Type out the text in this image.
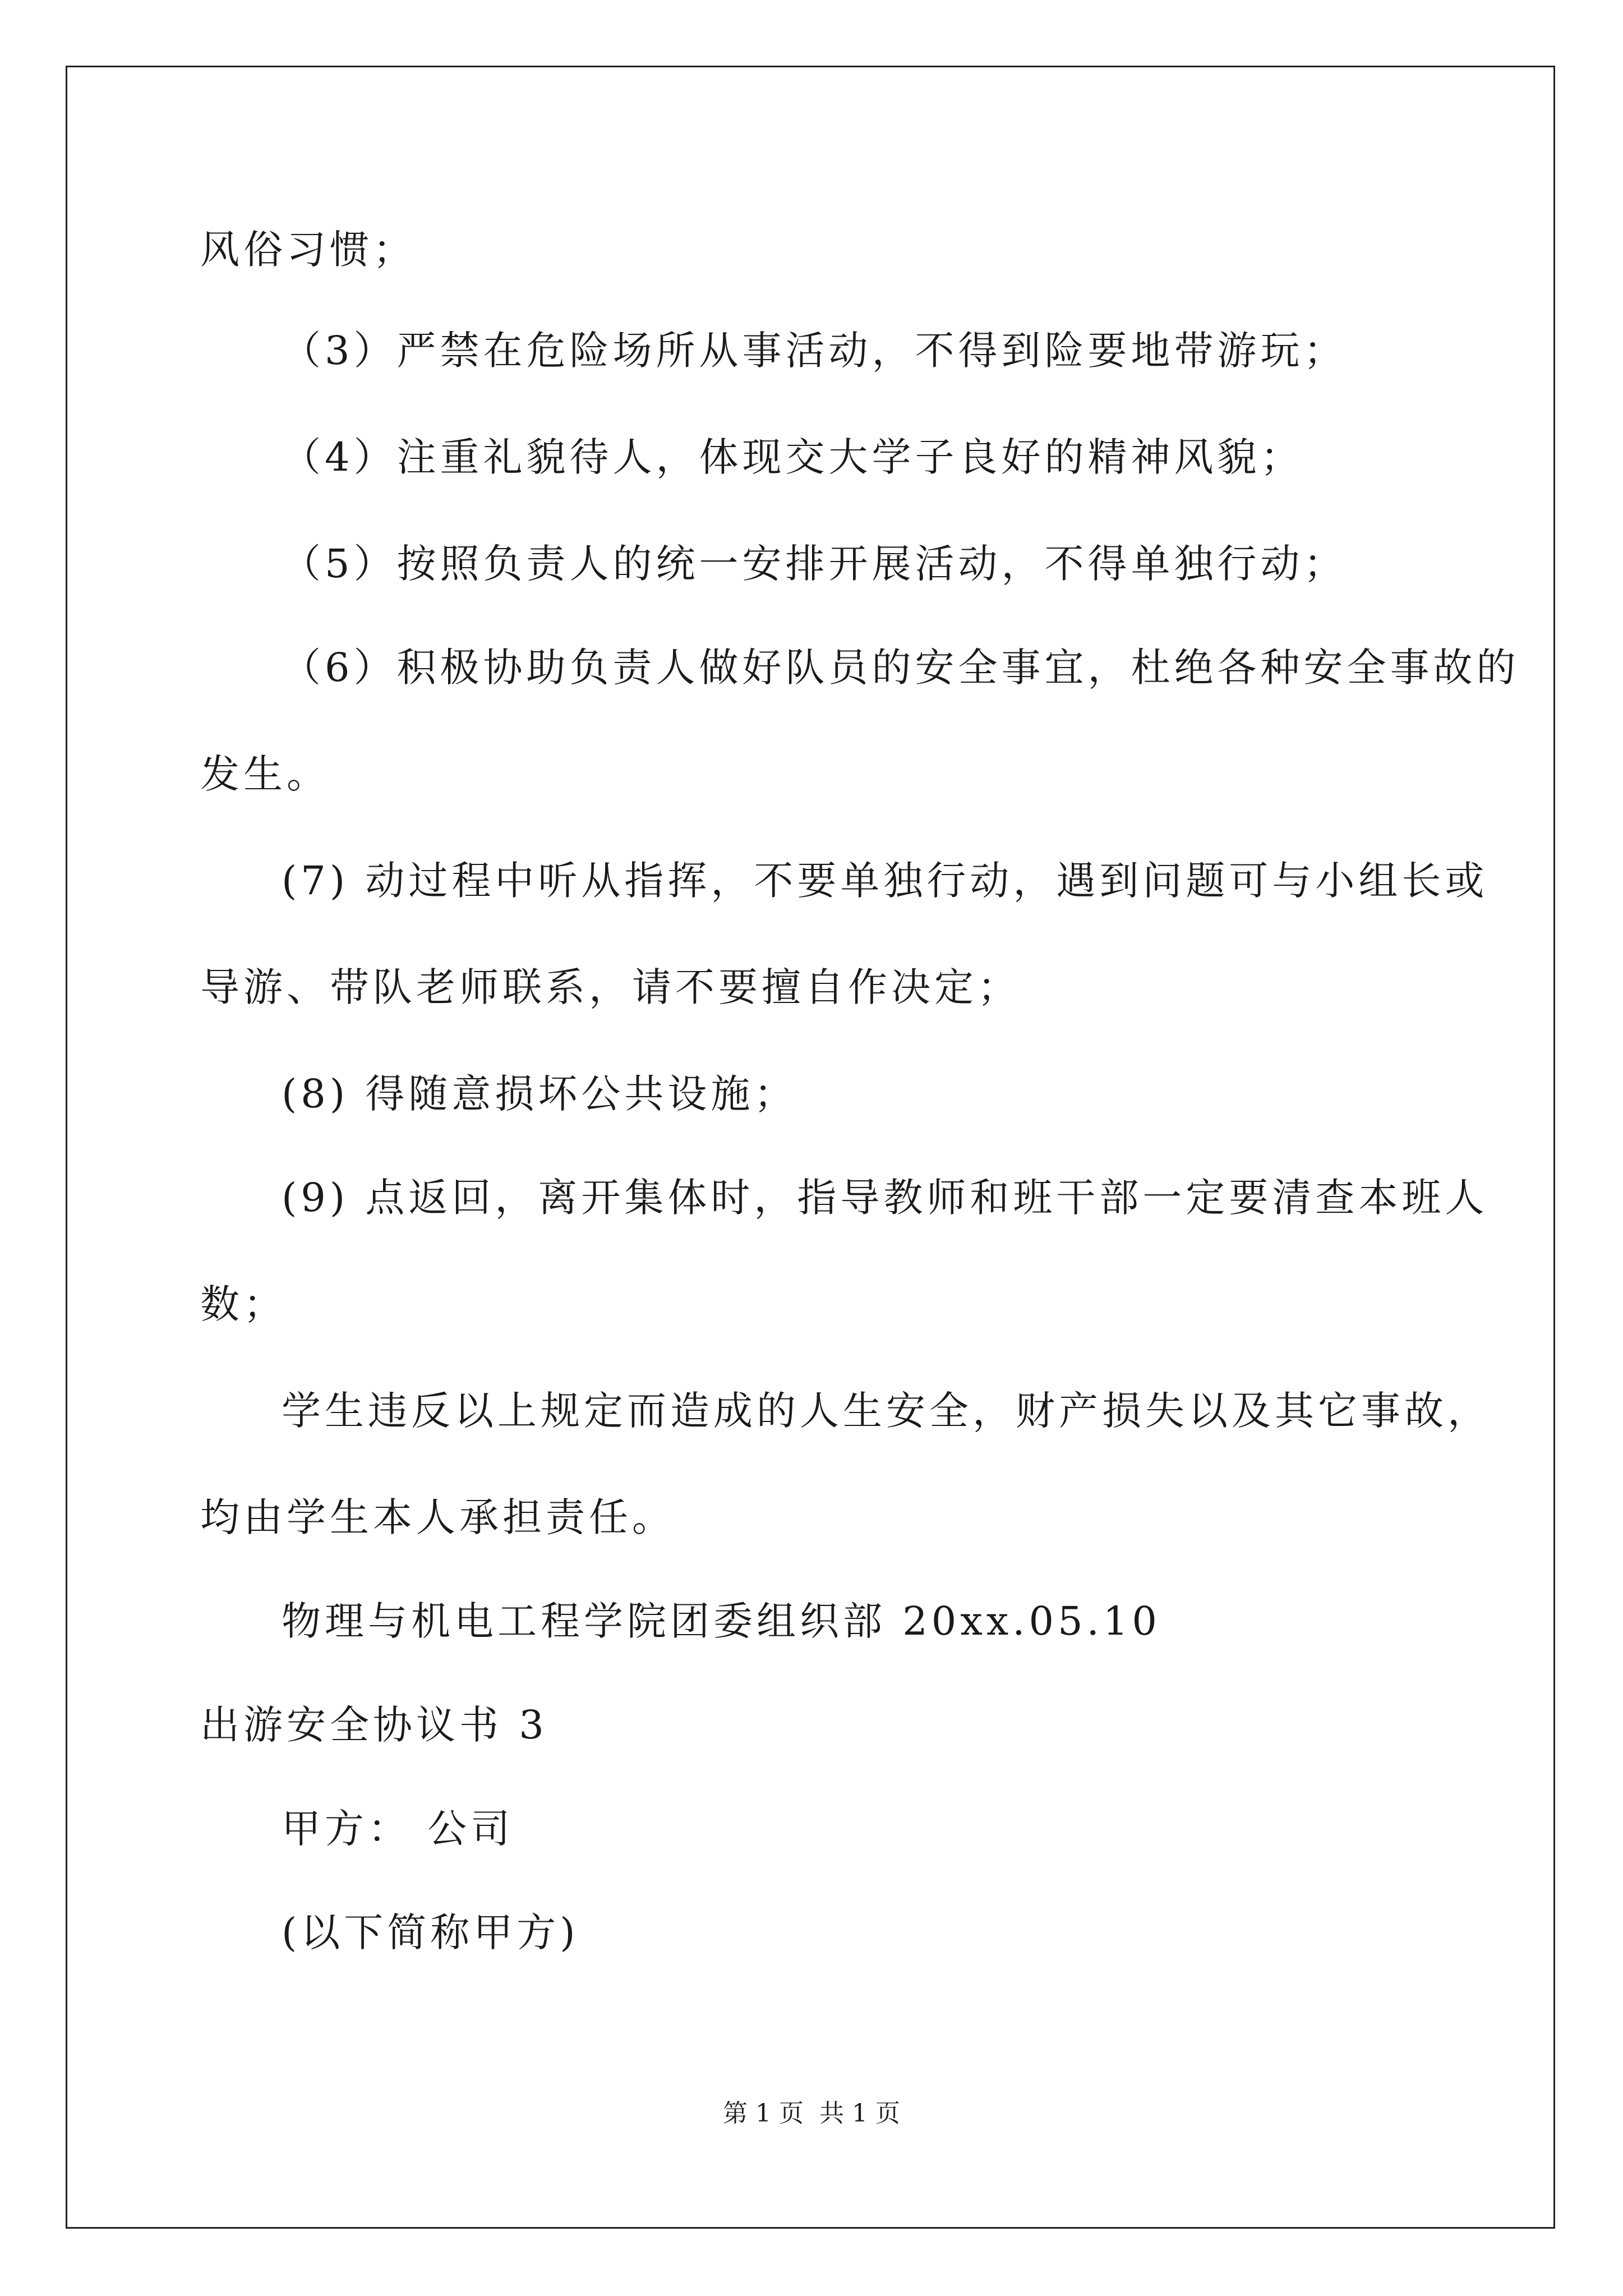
风俗习惯；
（3）严禁在危险场所从事活动，不得到险要地带游玩；
（4）注重礼貌待人，体现交大学子良好的精神风貌；
（5）按照负责人的统一安排开展活动，不得单独行动；
（6）积极协助负责人做好队员的安全事宜，杜绝各种安全事故的
发生。
(7) 动过程中听从指挥，不要单独行动，遇到问题可与小组长或
导游、带队老师联系，请不要擅自作决定；
(8) 得随意损坏公共设施；
(9) 点返回，离开集体时，指导教师和班干部一定要清查本班人
数；
学生违反以上规定而造成的人生安全，财产损失以及其它事故，
均由学生本人承担责任。
物理与机电工程学院团委组织部 20xx.05.10
出游安全协议书 3
甲方： 公司
(以下简称甲方)
第 1 页 共 1 页
